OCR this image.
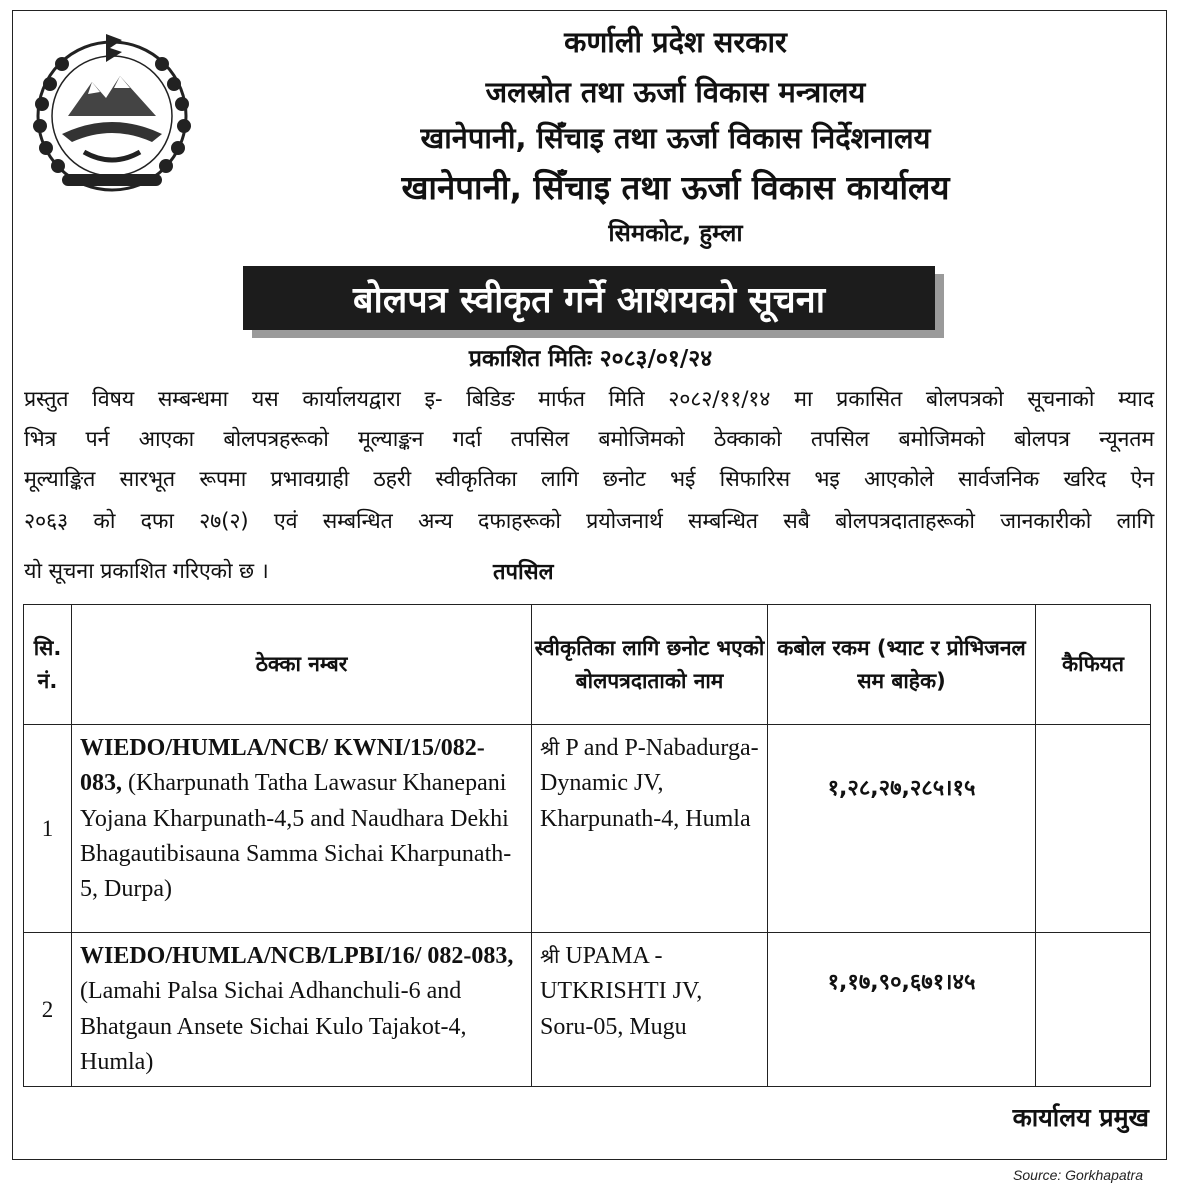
कर्णाली प्रदेश सरकार
जलस्रोत तथा ऊर्जा विकास मन्त्रालय
खानेपानी, सिँचाइ तथा ऊर्जा विकास निर्देशनालय
खानेपानी, सिँचाइ तथा ऊर्जा विकास कार्यालय
सिमकोट, हुम्ला
बोलपत्र स्वीकृत गर्ने आशयको सूचना
प्रकाशित मितिः २०८३/०१/२४
प्रस्तुत विषय सम्बन्धमा यस कार्यालयद्वारा इ- बिडिङ मार्फत मिति २०८२/११/१४ मा प्रकासित बोलपत्रको सूचनाको म्याद
भित्र पर्न आएका बोलपत्रहरूको मूल्याङ्कन गर्दा तपसिल बमोजिमको ठेक्काको तपसिल बमोजिमको बोलपत्र न्यूनतम
मूल्याङ्कित सारभूत रूपमा प्रभावग्राही ठहरी स्वीकृतिका लागि छनोट भई सिफारिस भइ आएकोले सार्वजनिक खरिद ऐन
२०६३ को दफा २७(२) एवं सम्बन्धित अन्य दफाहरूको प्रयोजनार्थ सम्बन्धित सबै बोलपत्रदाताहरूको जानकारीको लागि
यो सूचना प्रकाशित गरिएको छ ।	तपसिल
सि. नं.	ठेक्का नम्बर	स्वीकृतिका लागि छनोट भएको बोलपत्रदाताको नाम	कबोल रकम (भ्याट र प्रोभिजनल सम बाहेक)	कैफियत
1	WIEDO/HUMLA/NCB/ KWNI/15/082-083, (Kharpunath Tatha Lawasur Khanepani Yojana Kharpunath-4,5 and Naudhara Dekhi Bhagautibisauna Samma Sichai Kharpunath-5, Durpa)	श्री P and P-Nabadurga-Dynamic JV, Kharpunath-4, Humla	१,२८,२७,२८५।१५	
2	WIEDO/HUMLA/NCB/LPBI/16/ 082-083, (Lamahi Palsa Sichai Adhanchuli-6 and Bhatgaun Ansete Sichai Kulo Tajakot-4, Humla)	श्री UPAMA - UTKRISHTI JV, Soru-05, Mugu	१,१७,९०,६७१।४५	
कार्यालय प्रमुख
Source: Gorkhapatra
